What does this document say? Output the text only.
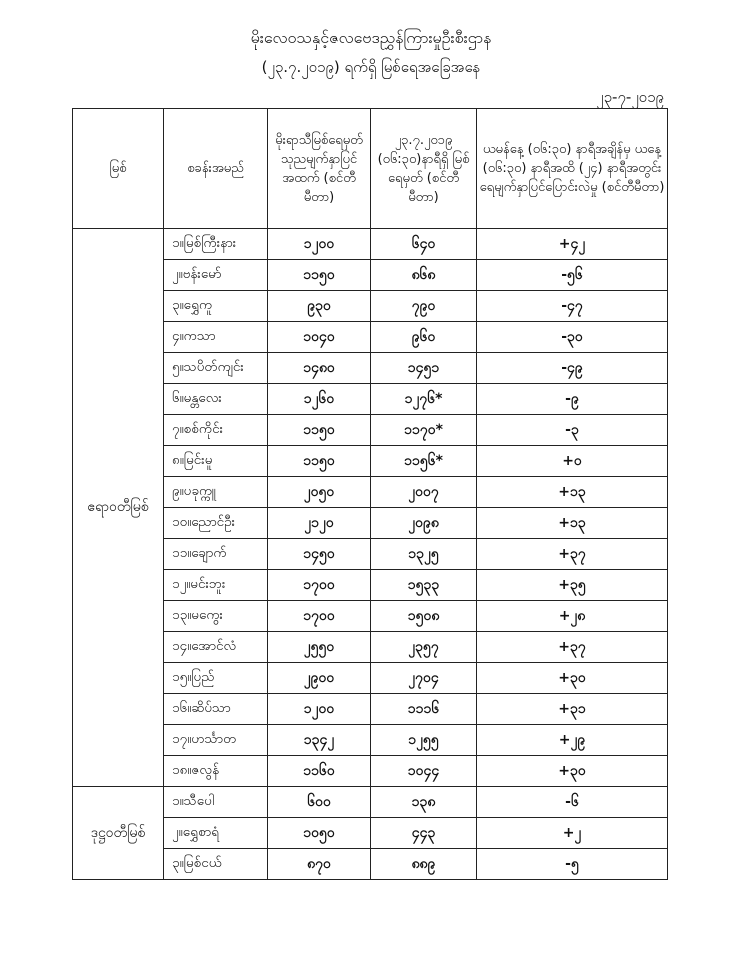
မိုးလေဝသနှင့်ဇလဗေဒညွှန်ကြားမှုဦးစီးဌာန
(၂၃.၇.၂၀၁၉) ရက်ရှိ မြစ်ရေအခြေအနေ
၂၃-၇-၂၀၁၉
မြစ်	စခန်းအမည်	မိုးရာသီမြစ်ရေမှတ် သုညမျက်နှာပြင် အထက် (စင်တီမီတာ)	၂၃.၇.၂၀၁၉ (၀၆:၃၀)နာရီရှိ မြစ်ရေမှတ် (စင်တီမီတာ)	ယမန်နေ့ (၀၆:၃၀) နာရီအချိန်မှ ယနေ့ (၀၆:၃၀) နာရီအထိ (၂၄) နာရီအတွင်း ရေမျက်နှာပြင်ပြောင်းလဲမှု (စင်တီမီတာ)
ဧရာဝတီမြစ်	၁။မြစ်ကြီးနား	၁၂၀၀	၆၄၀	+၄၂
	၂။ဗန်းမော်	၁၁၅၀	၈၆၈	-၅၆
	၃။ရွှေကူ	၉၃၀	၇၉၀	-၄၇
	၄။ကသာ	၁၀၄၀	၉၆၀	-၃၀
	၅။သပိတ်ကျင်း	၁၄၈၀	၁၄၅၁	-၄၉
	၆။မန္တလေး	၁၂၆၀	၁၂၇၆*	-၉
	၇။စစ်ကိုင်း	၁၁၅၀	၁၁၇၀*	-၃
	၈။မြင်းမူ	၁၁၅၀	၁၁၅၆*	+၀
	၉။ပခုက္ကူ	၂၀၅၀	၂၀၀၇	+၁၃
	၁၀။ညောင်ဦး	၂၁၂၀	၂၀၉၈	+၁၃
	၁၁။ချောက်	၁၄၅၀	၁၃၂၅	+၃၇
	၁၂။မင်းဘူး	၁၇၀၀	၁၅၃၃	+၃၅
	၁၃။မကွေး	၁၇၀၀	၁၅၀၈	+၂၈
	၁၄။အောင်လံ	၂၅၅၀	၂၃၅၇	+၃၇
	၁၅။ပြည်	၂၉၀၀	၂၇၀၄	+၃၀
	၁၆။ဆိပ်သာ	၁၂၀၀	၁၁၁၆	+၃၁
	၁၇။ဟင်္သာတ	၁၃၄၂	၁၂၅၅	+၂၉
	၁၈။ဇလွန်	၁၁၆၀	၁၀၄၄	+၃၀
ဒုဋ္ဌဝတီမြစ်	၁။သီပေါ	၆၀၀	၁၃၈	-၆
	၂။ရွှေစာရံ	၁၀၅၀	၄၄၃	+၂
	၃။မြစ်ငယ်	၈၇၀	၈၈၉	-၅
